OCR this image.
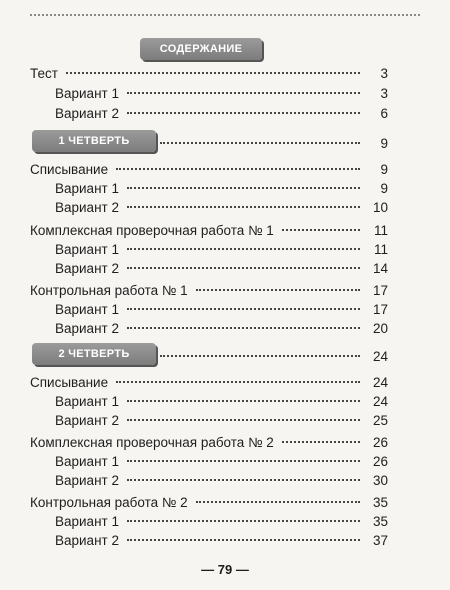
СОДЕРЖАНИЕ
Тест	3
Вариант 1	3
Вариант 2	6
1 ЧЕТВЕРТЬ	9
Списывание	9
Вариант 1	9
Вариант 2	10
Комплексная проверочная работа № 1	11
Вариант 1	11
Вариант 2	14
Контрольная работа № 1	17
Вариант 1	17
Вариант 2	20
2 ЧЕТВЕРТЬ	24
Списывание	24
Вариант 1	24
Вариант 2	25
Комплексная проверочная работа № 2	26
Вариант 1	26
Вариант 2	30
Контрольная работа № 2	35
Вариант 1	35
Вариант 2	37
— 79 —
